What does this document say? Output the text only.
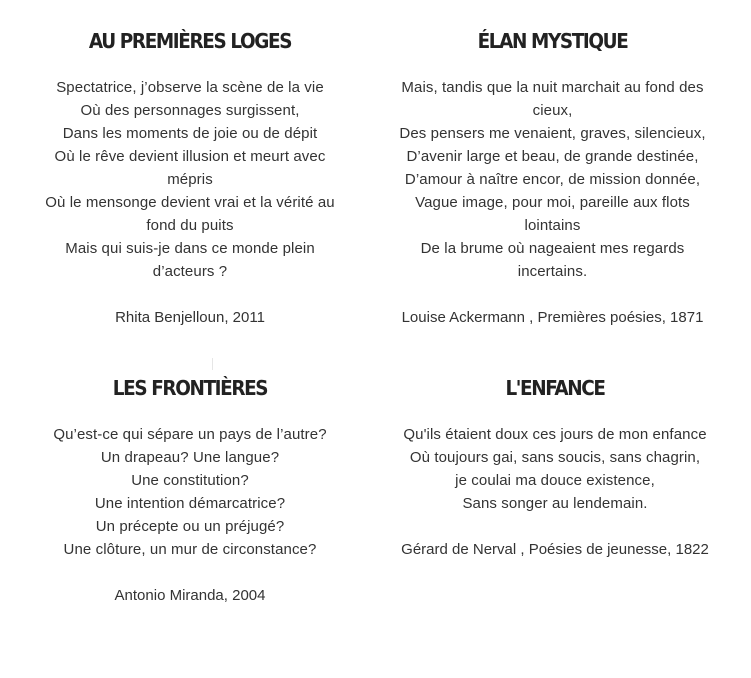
AU PREMIÈRES LOGES
Spectatrice, j’observe la scène de la vie
Où des personnages surgissent,
Dans les moments de joie ou de dépit
Où le rêve devient illusion et meurt avec
mépris
Où le mensonge devient vrai et la vérité au
fond du puits
Mais qui suis-je dans ce monde plein
d’acteurs ?
Rhita Benjelloun, 2011
ÉLAN MYSTIQUE
Mais, tandis que la nuit marchait au fond des
cieux,
Des pensers me venaient, graves, silencieux,
D’avenir large et beau, de grande destinée,
D’amour à naître encor, de mission donnée,
Vague image, pour moi, pareille aux flots
lointains
De la brume où nageaient mes regards
incertains.
Louise Ackermann , Premières poésies, 1871
LES FRONTIÈRES
Qu’est-ce qui sépare un pays de l’autre?
Un drapeau? Une langue?
Une constitution?
Une intention démarcatrice?
Un précepte ou un préjugé?
Une clôture, un mur de circonstance?
Antonio Miranda, 2004
L'ENFANCE
Qu'ils étaient doux ces jours de mon enfance
Où toujours gai, sans soucis, sans chagrin,
je coulai ma douce existence,
Sans songer au lendemain.
Gérard de Nerval , Poésies de jeunesse, 1822
